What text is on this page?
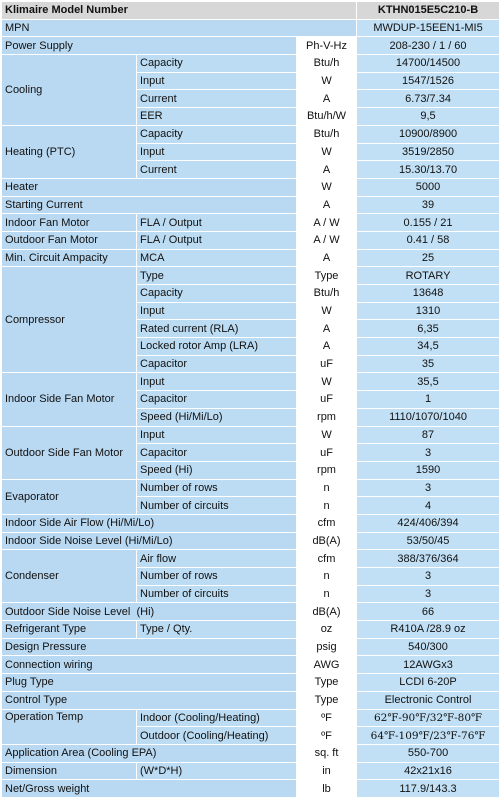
Klimaire Model Number			KTHN015E5C210-B
MPN			MWDUP-15EEN1-MI5
Power Supply		Ph-V-Hz	208-230 / 1 / 60
Cooling	Capacity	Btu/h	14700/14500
	Input	W	1547/1526
	Current	A	6.73/7.34
	EER	Btu/h/W	9,5
Heating (PTC)	Capacity	Btu/h	10900/8900
	Input	W	3519/2850
	Current	A	15.30/13.70
Heater		W	5000
Starting Current		A	39
Indoor Fan Motor	FLA / Output	A / W	0.155 / 21
Outdoor Fan Motor	FLA / Output	A / W	0.41 / 58
Min. Circuit Ampacity	MCA	A	25
Compressor	Type	Type	ROTARY
	Capacity	Btu/h	13648
	Input	W	1310
	Rated current (RLA)	A	6,35
	Locked rotor Amp (LRA)	A	34,5
	Capacitor	uF	35
Indoor Side Fan Motor	Input	W	35,5
	Capacitor	uF	1
	Speed (Hi/Mi/Lo)	rpm	1110/1070/1040
Outdoor Side Fan Motor	Input	W	87
	Capacitor	uF	3
	Speed (Hi)	rpm	1590
Evaporator	Number of rows	n	3
	Number of circuits	n	4
Indoor Side Air Flow (Hi/Mi/Lo)		cfm	424/406/394
Indoor Side Noise Level (Hi/Mi/Lo)		dB(A)	53/50/45
Condenser	Air flow	cfm	388/376/364
	Number of rows	n	3
	Number of circuits	n	3
Outdoor Side Noise Level  (Hi)		dB(A)	66
Refrigerant Type	Type / Qty.	oz	R410A /28.9 oz
Design Pressure		psig	540/300
Connection wiring		AWG	12AWGx3
Plug Type		Type	LCDI 6-20P
Control Type		Type	Electronic Control
Operation Temp	Indoor (Cooling/Heating)	ºF	62℉-90℉/32℉-80℉
	Outdoor (Cooling/Heating)	ºF	64℉-109℉/23℉-76℉
Application Area (Cooling EPA)		sq. ft	550-700
Dimension	(W*D*H)	in	42x21x16
Net/Gross weight		lb	117.9/143.3
